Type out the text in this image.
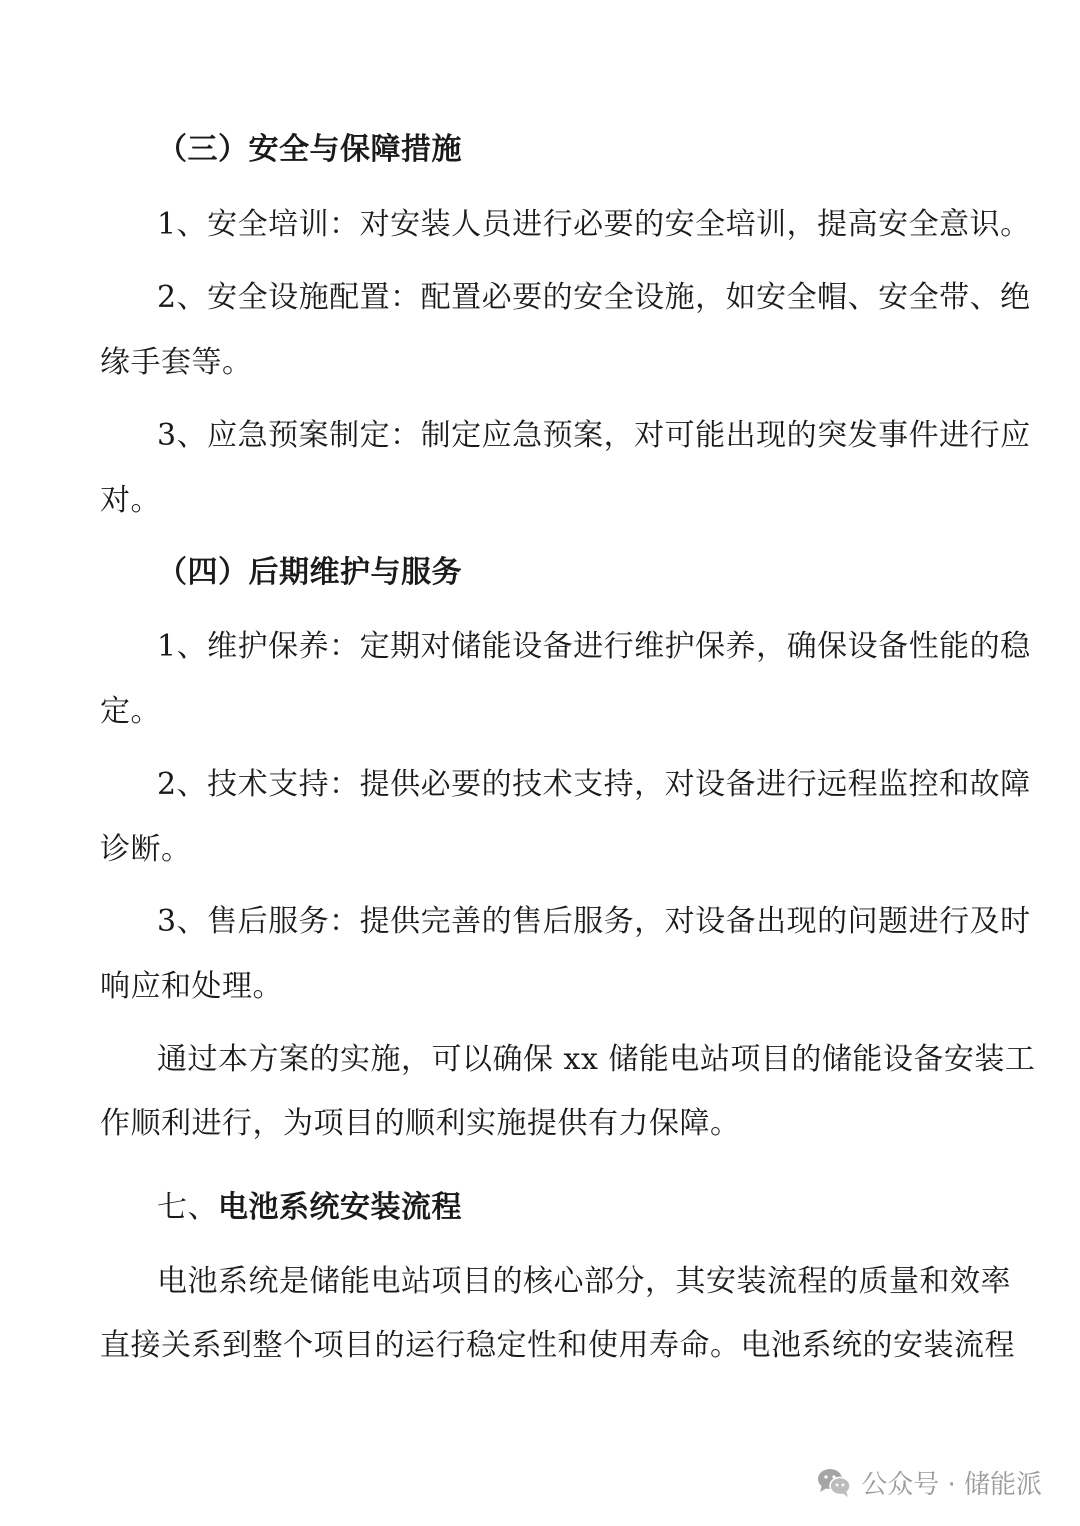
（三）安全与保障措施
1、安全培训：对安装人员进行必要的安全培训，提高安全意识。
2、安全设施配置：配置必要的安全设施，如安全帽、安全带、绝
缘手套等。
3、应急预案制定：制定应急预案，对可能出现的突发事件进行应
对。
（四）后期维护与服务
1、维护保养：定期对储能设备进行维护保养，确保设备性能的稳
定。
2、技术支持：提供必要的技术支持，对设备进行远程监控和故障
诊断。
3、售后服务：提供完善的售后服务，对设备出现的问题进行及时
响应和处理。
通过本方案的实施，可以确保 xx 储能电站项目的储能设备安装工
作顺利进行，为项目的顺利实施提供有力保障。
七、电池系统安装流程
电池系统是储能电站项目的核心部分，其安装流程的质量和效率
直接关系到整个项目的运行稳定性和使用寿命。电池系统的安装流程
公众号 · 储能派
